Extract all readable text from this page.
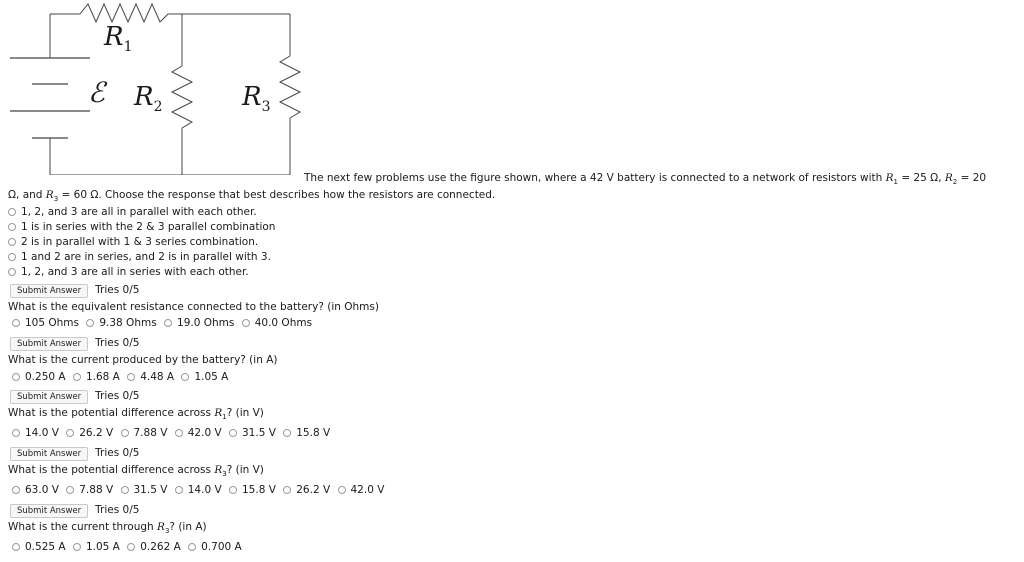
$R_1$
ℰ $R_2$	$R_3$
The next few problems use the figure shown, where a 42 V battery is connected to a network of resistors with $R_1 = 25$ Ω, $R_2 = 20$
Ω, and $R_3 = 60$ Ω. Choose the response that best describes how the resistors are connected.
1, 2, and 3 are all in parallel with each other.
1 is in series with the 2 & 3 parallel combination
2 is in parallel with 1 & 3 series combination.
1 and 2 are in series, and 2 is in parallel with 3.
1, 2, and 3 are all in series with each other.
Submit Answer Tries 0/5
What is the equivalent resistance connected to the battery? (in Ohms)
105 Ohms 9.38 Ohms 19.0 Ohms 40.0 Ohms
Submit Answer Tries 0/5
What is the current produced by the battery? (in A)
0.250 A 1.68 A 4.48 A 1.05 A
Submit Answer Tries 0/5
What is the potential difference across $R_1$? (in V)
14.0 V 26.2 V 7.88 V 42.0 V 31.5 V 15.8 V
Submit Answer Tries 0/5
What is the potential difference across $R_3$? (in V)
63.0 V 7.88 V 31.5 V 14.0 V 15.8 V 26.2 V 42.0 V
Submit Answer Tries 0/5
What is the current through $R_3$? (in A)
0.525 A 1.05 A 0.262 A 0.700 A
